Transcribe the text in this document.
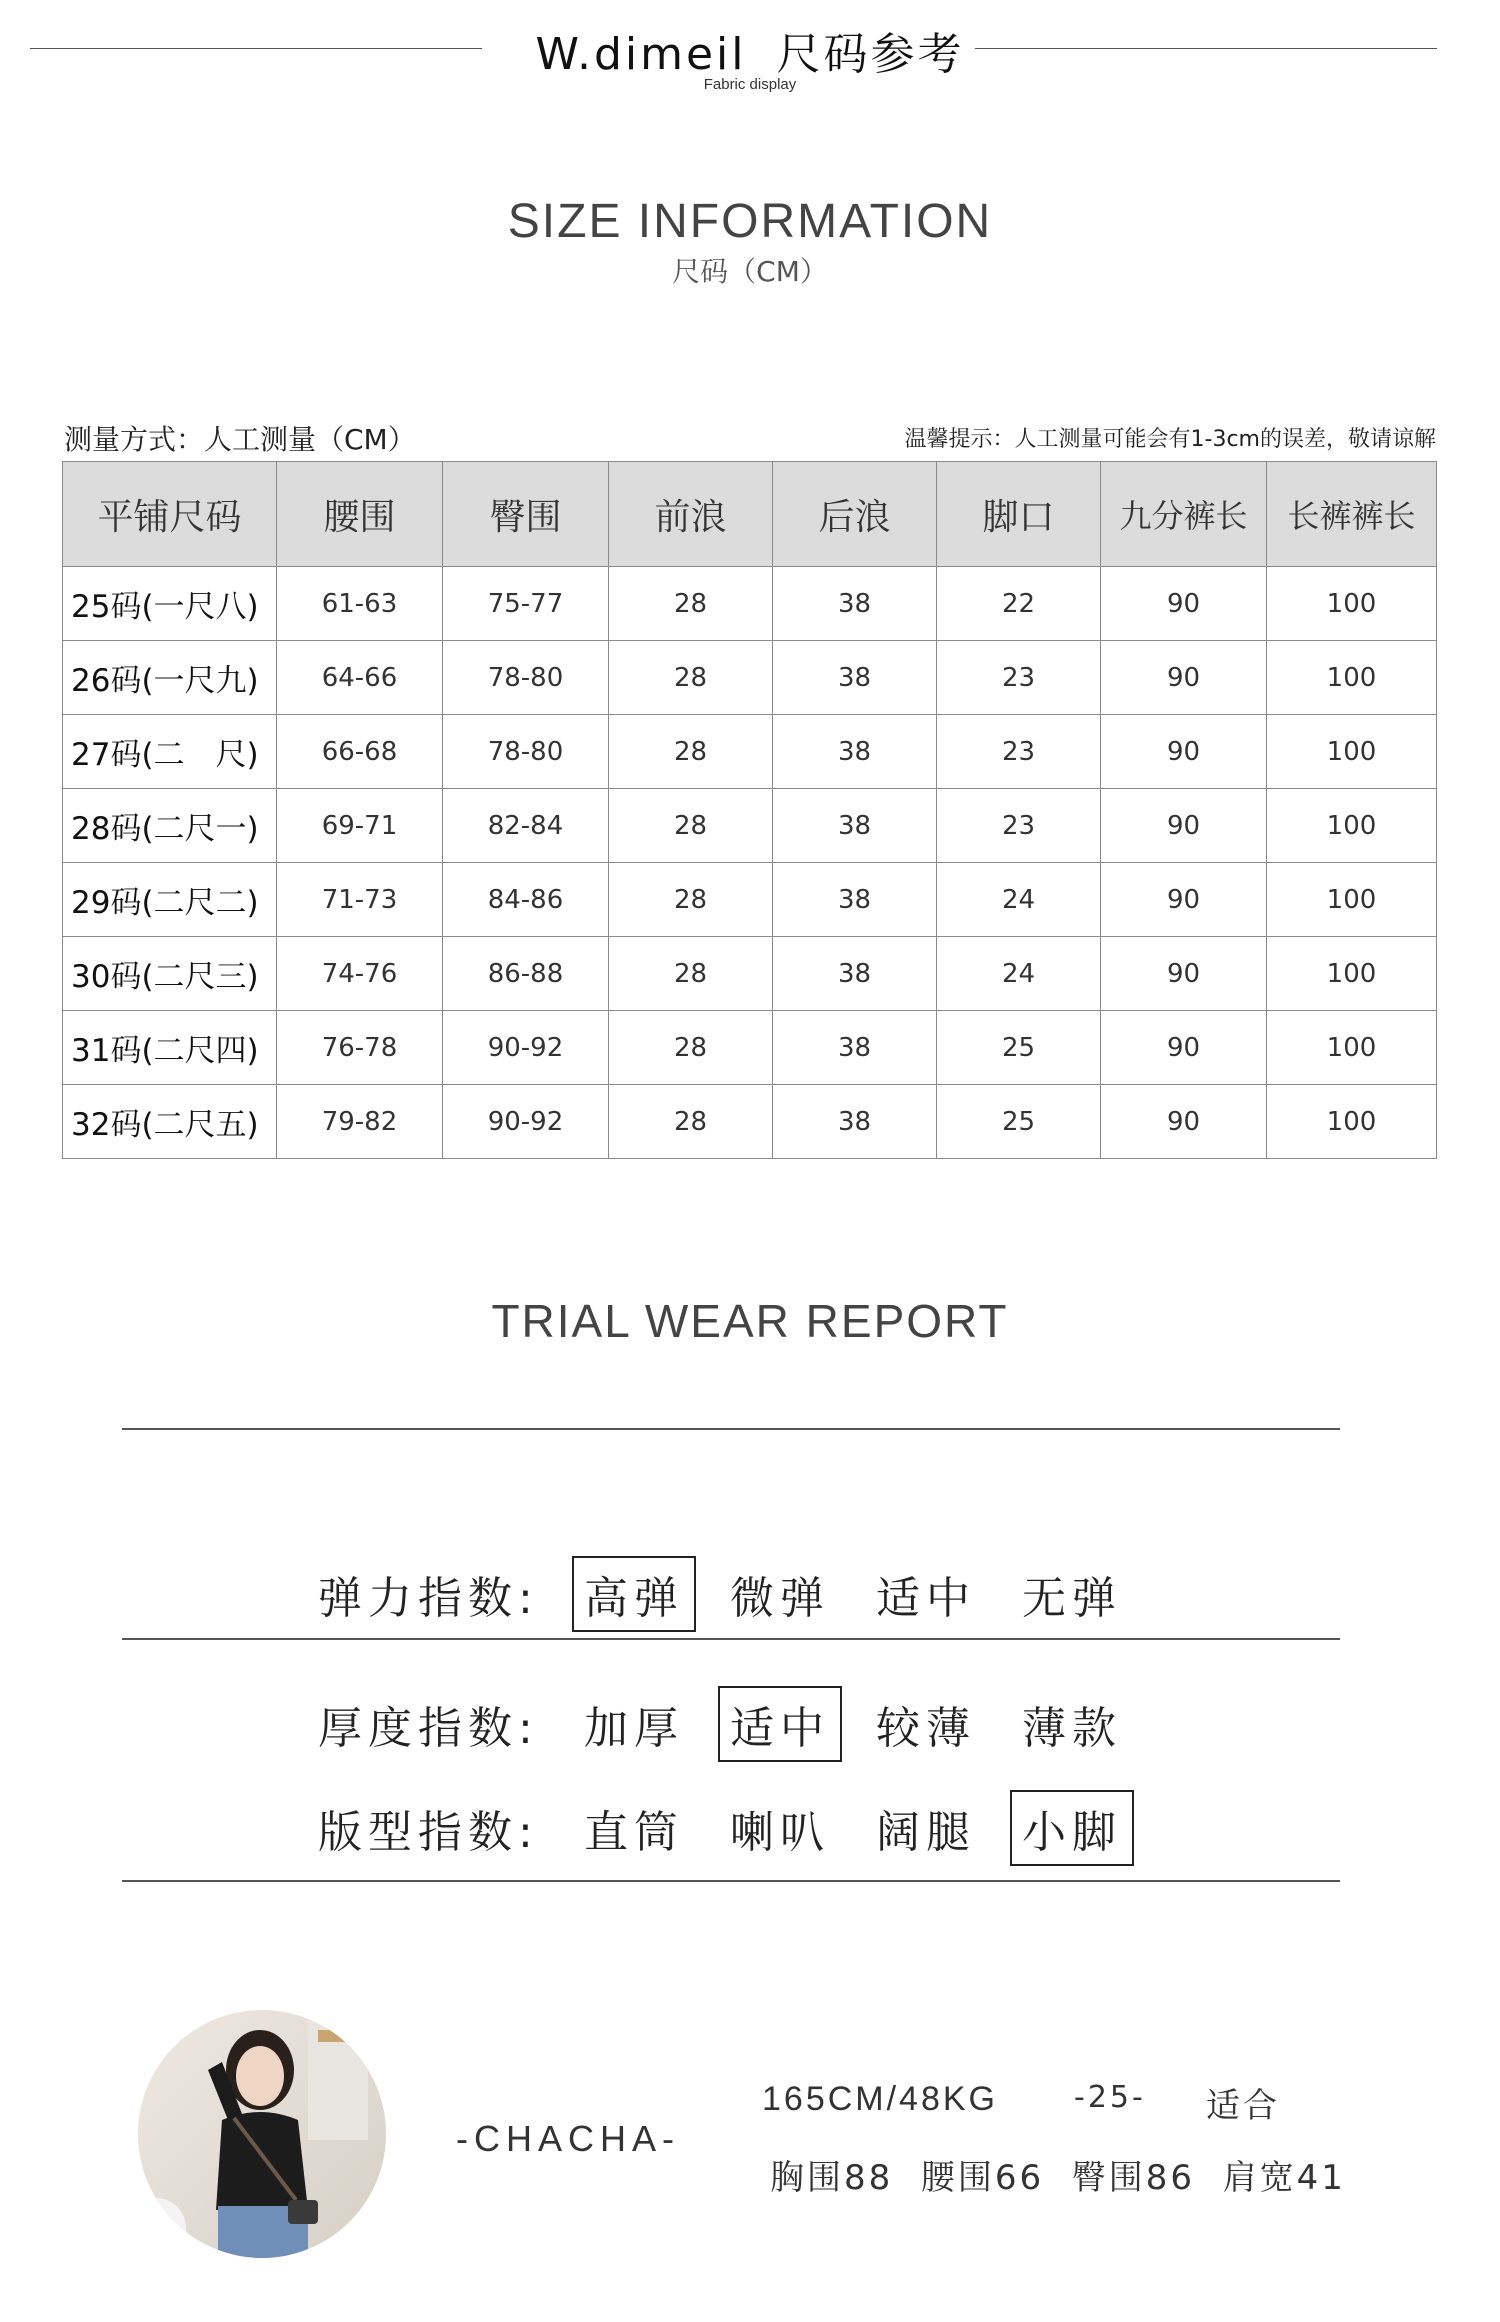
W.dimeil 尺码参考
Fabric display
SIZE INFORMATION
尺码（CM）
测量方式：人工测量（CM）	温馨提示：人工测量可能会有1-3cm的误差，敬请谅解
平铺尺码	腰围	臀围	前浪	后浪	脚口	九分裤长	长裤裤长
25码(一尺八)	61-63	75-77	28	38	22	90	100
26码(一尺九)	64-66	78-80	28	38	23	90	100
27码(二　尺)	66-68	78-80	28	38	23	90	100
28码(二尺一)	69-71	82-84	28	38	23	90	100
29码(二尺二)	71-73	84-86	28	38	24	90	100
30码(二尺三)	74-76	86-88	28	38	24	90	100
31码(二尺四)	76-78	90-92	28	38	25	90	100
32码(二尺五)	79-82	90-92	28	38	25	90	100
TRIAL WEAR REPORT
弹力指数: 高弹 微弹 适中 无弹
厚度指数: 加厚 适中 较薄 薄款
版型指数: 直筒 喇叭 阔腿 小脚
-CHACHA-
165CM/48KG	-25- 适合
胸围88  腰围66  臀围86  肩宽41
